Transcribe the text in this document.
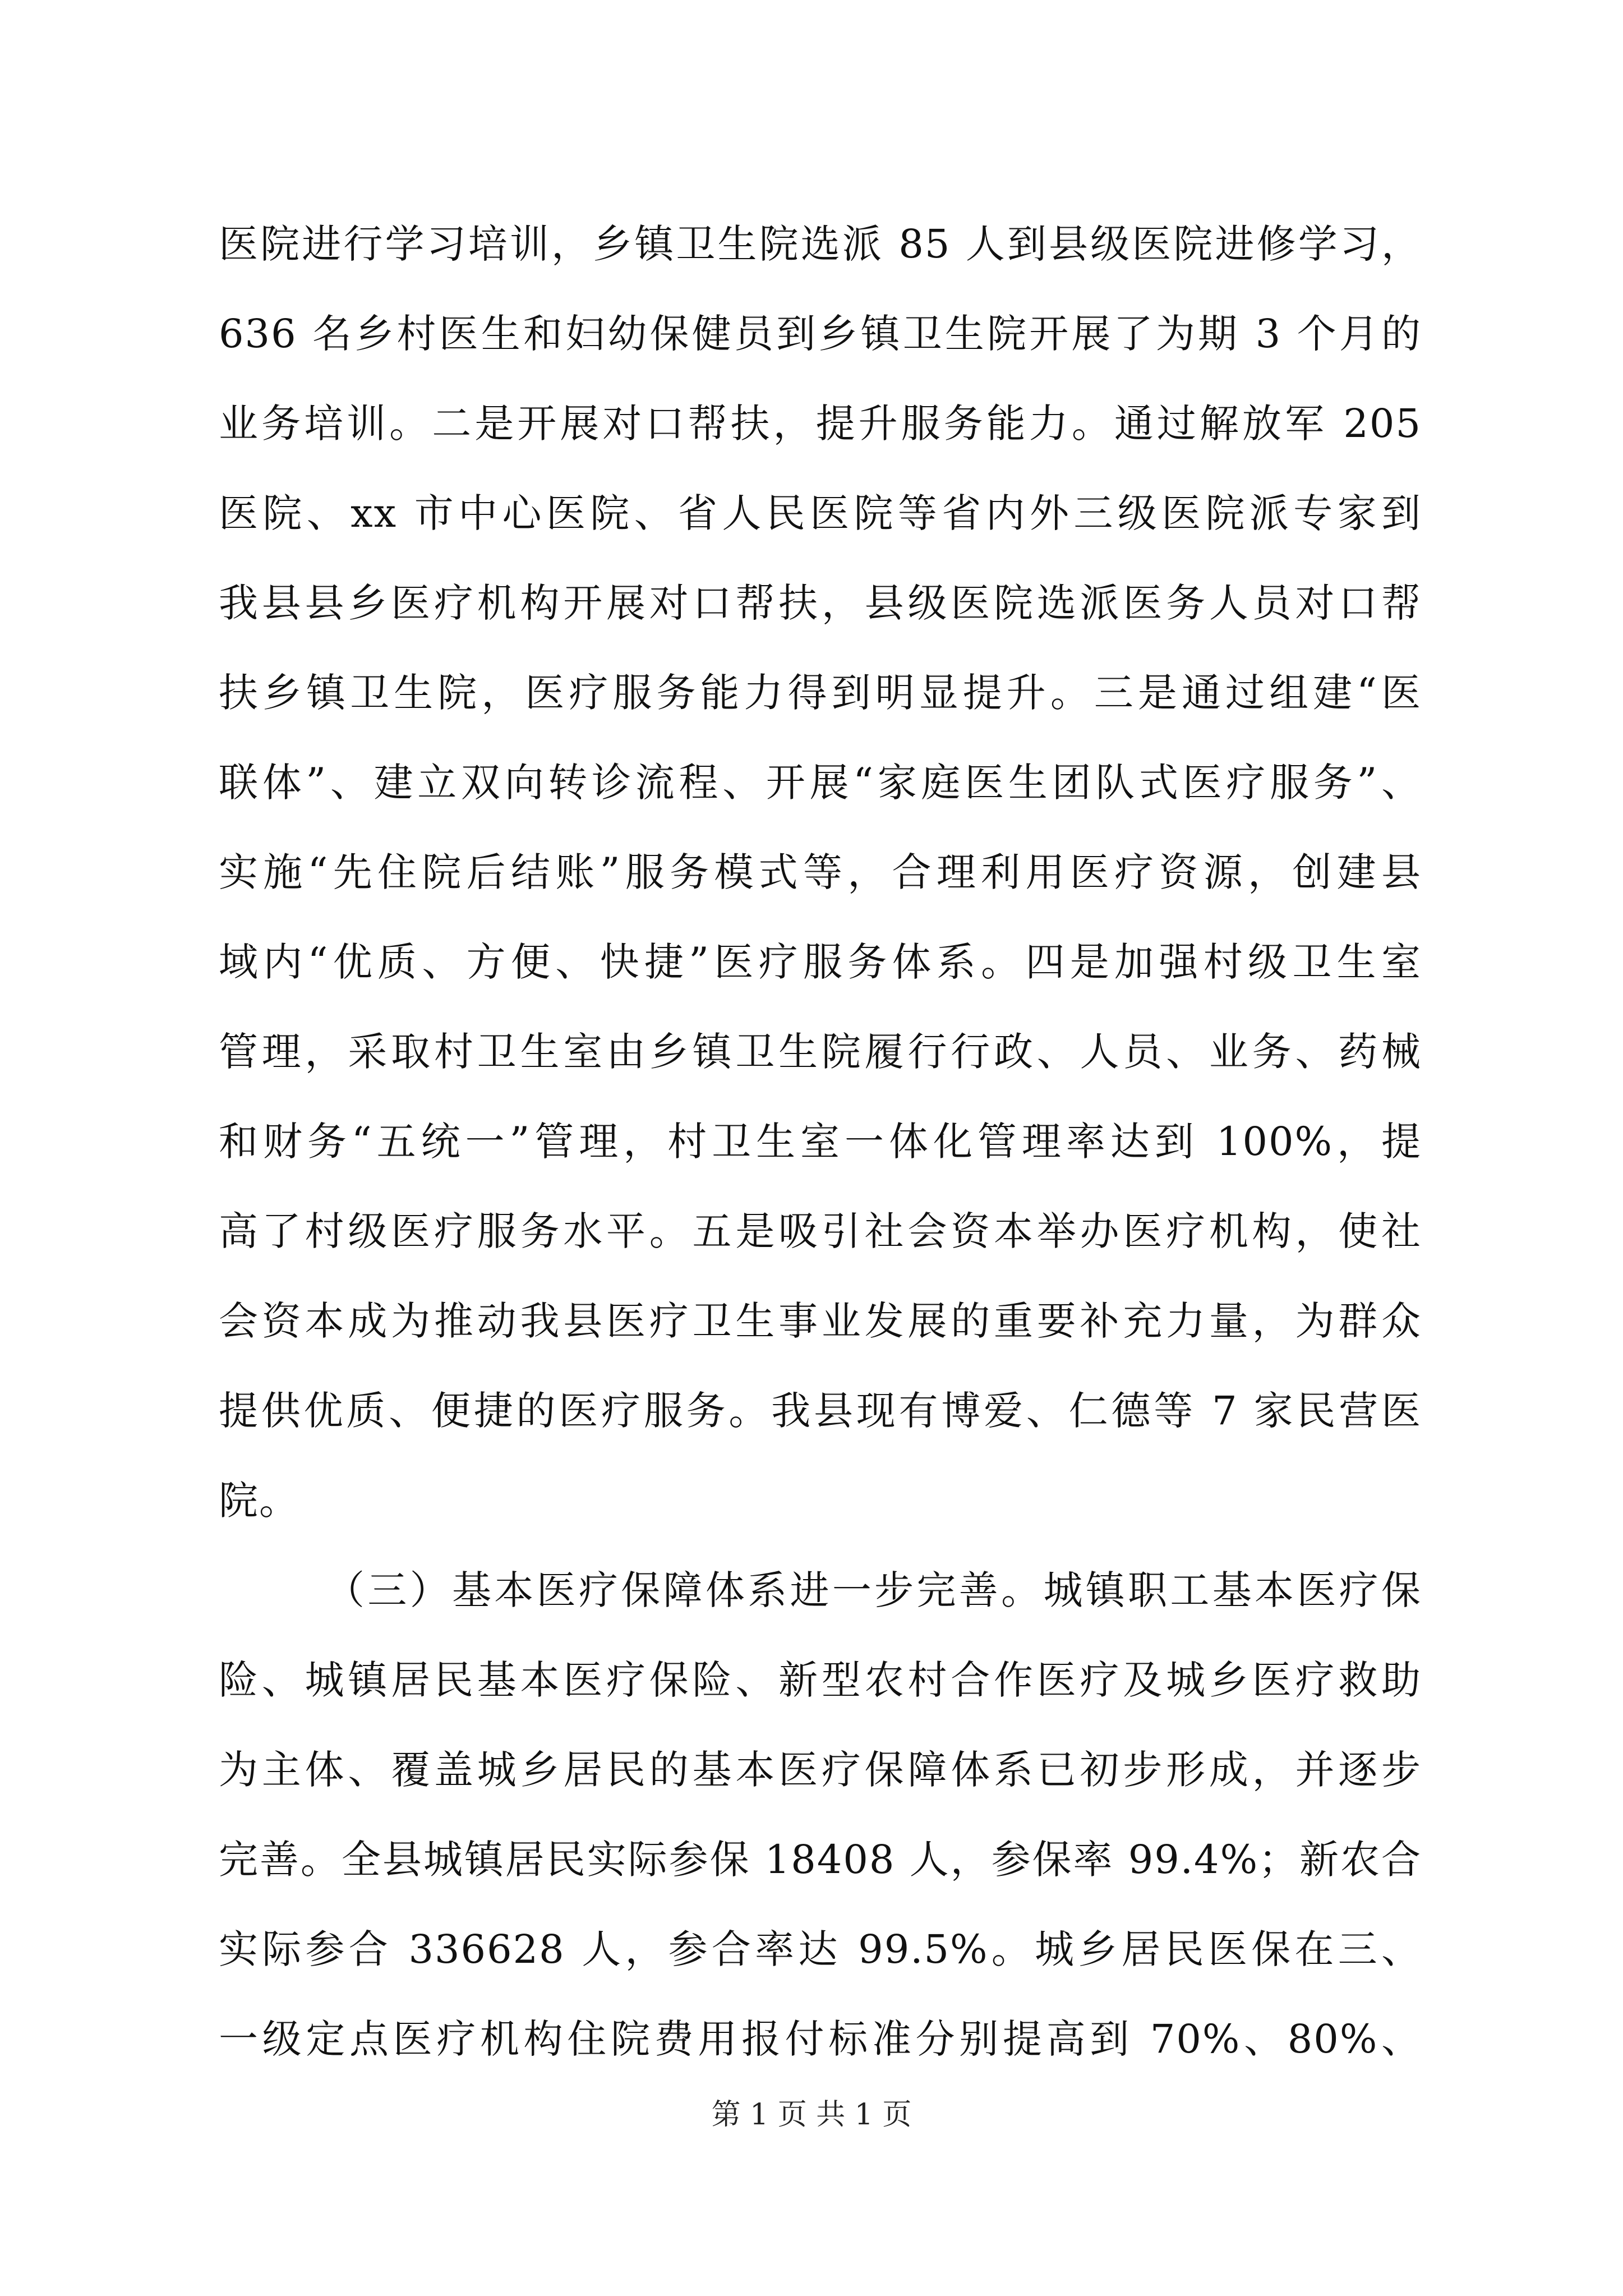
医院进行学习培训，乡镇卫生院选派 85 人到县级医院进修学习，
636 名乡村医生和妇幼保健员到乡镇卫生院开展了为期 3 个月的
业务培训。二是开展对口帮扶，提升服务能力。通过解放军 205
医院、xx 市中心医院、省人民医院等省内外三级医院派专家到
我县县乡医疗机构开展对口帮扶，县级医院选派医务人员对口帮
扶乡镇卫生院，医疗服务能力得到明显提升。三是通过组建“医
联体”、建立双向转诊流程、开展“家庭医生团队式医疗服务”、
实施“先住院后结账”服务模式等，合理利用医疗资源，创建县
域内“优质、方便、快捷”医疗服务体系。四是加强村级卫生室
管理，采取村卫生室由乡镇卫生院履行行政、人员、业务、药械
和财务“五统一”管理，村卫生室一体化管理率达到 100%，提
高了村级医疗服务水平。五是吸引社会资本举办医疗机构，使社
会资本成为推动我县医疗卫生事业发展的重要补充力量，为群众
提供优质、便捷的医疗服务。我县现有博爱、仁德等 7 家民营医
院。
（三）基本医疗保障体系进一步完善。城镇职工基本医疗保
险、城镇居民基本医疗保险、新型农村合作医疗及城乡医疗救助
为主体、覆盖城乡居民的基本医疗保障体系已初步形成，并逐步
完善。全县城镇居民实际参保 18408 人，参保率 99.4%；新农合
实际参合 336628 人，参合率达 99.5%。城乡居民医保在三、
一级定点医疗机构住院费用报付标准分别提高到 70%、80%、
第 1 页 共 1 页
